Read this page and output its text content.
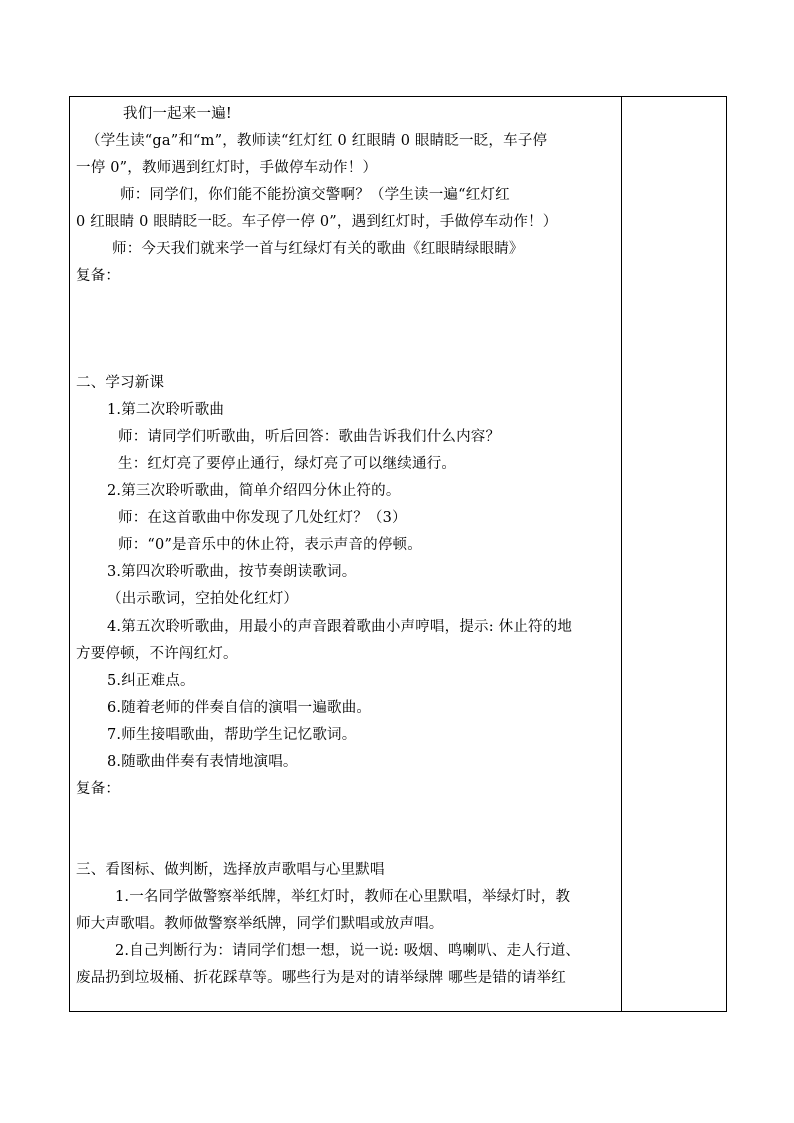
我们一起来一遍!
（学生读“ga”和“m”，教师读“红灯红 0 红眼睛 0 眼睛眨一眨，车子停
一停 0”，教师遇到红灯时，手做停车动作！）
师：同学们，你们能不能扮演交警啊？（学生读一遍“红灯红
0 红眼睛 0 眼睛眨一眨。车子停一停 0”，遇到红灯时，手做停车动作！）
师：今天我们就来学一首与红绿灯有关的歌曲《红眼睛绿眼睛》
复备：
二、学习新课
1.第二次聆听歌曲
师：请同学们听歌曲，听后回答：歌曲告诉我们什么内容？
生：红灯亮了要停止通行，绿灯亮了可以继续通行。
2.第三次聆听歌曲，简单介绍四分休止符的。
师：在这首歌曲中你发现了几处红灯？（3）
师：“0”是音乐中的休止符，表示声音的停顿。
3.第四次聆听歌曲，按节奏朗读歌词。
（出示歌词，空拍处化红灯）
4.第五次聆听歌曲，用最小的声音跟着歌曲小声哼唱，提示: 休止符的地
方要停顿，不许闯红灯。
5.纠正难点。
6.随着老师的伴奏自信的演唱一遍歌曲。
7.师生接唱歌曲，帮助学生记忆歌词。
8.随歌曲伴奏有表情地演唱。
复备：
三、看图标、做判断，选择放声歌唱与心里默唱
1.一名同学做警察举纸牌，举红灯时，教师在心里默唱，举绿灯时，教
师大声歌唱。教师做警察举纸牌，同学们默唱或放声唱。
2.自己判断行为：请同学们想一想，说一说: 吸烟、鸣喇叭、走人行道、
废品扔到垃圾桶、折花踩草等。哪些行为是对的请举绿牌 哪些是错的请举红
